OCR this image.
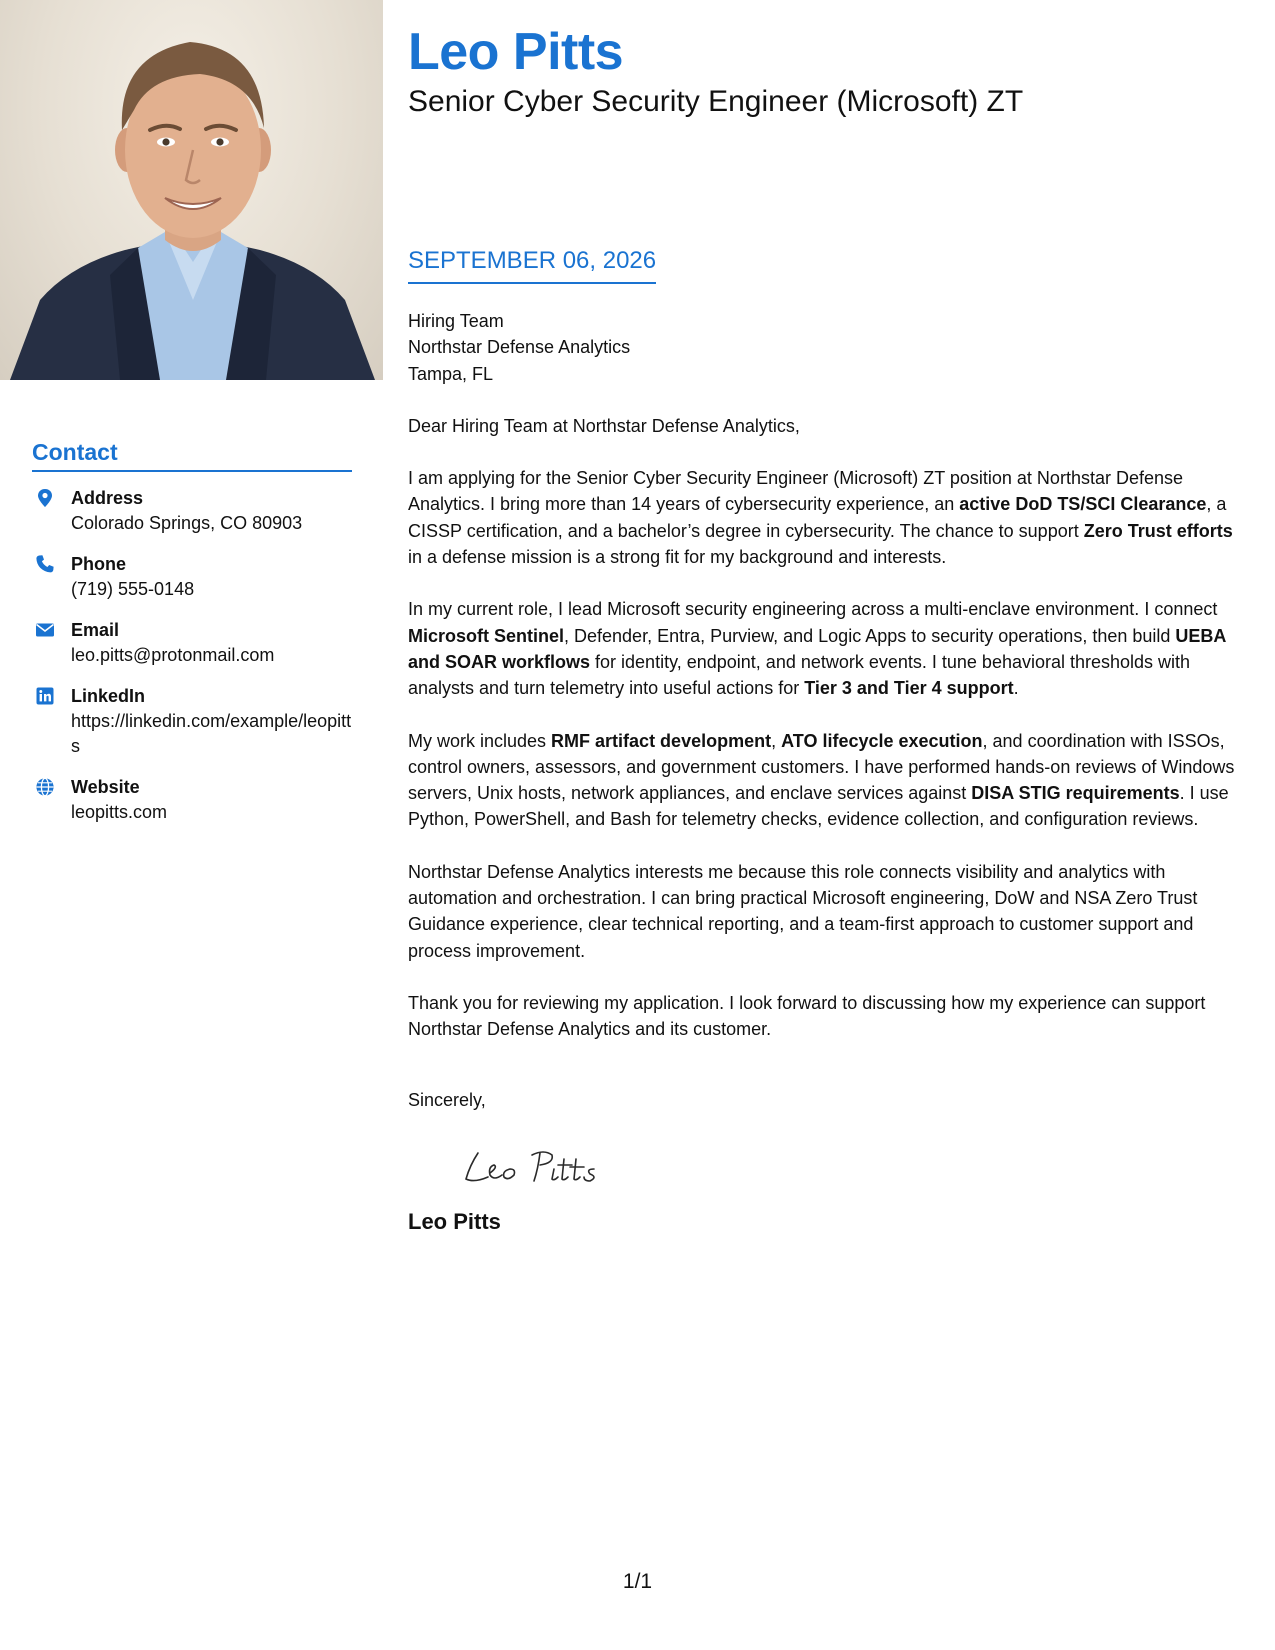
Contact
Address
Colorado Springs, CO 80903
Phone
(719) 555-0148
Email
leo.pitts@protonmail.com
LinkedIn
https://linkedin.com/example/leopitts
Website
leopitts.com
Leo Pitts
Senior Cyber Security Engineer (Microsoft) ZT
SEPTEMBER 06, 2026

Hiring Team
Northstar Defense Analytics
Tampa, FL

Dear Hiring Team at Northstar Defense Analytics,

I am applying for the Senior Cyber Security Engineer (Microsoft) ZT position at Northstar Defense Analytics. I bring more than 14 years of cybersecurity experience, an active DoD TS/SCI Clearance, a CISSP certification, and a bachelor’s degree in cybersecurity. The chance to support Zero Trust efforts in a defense mission is a strong fit for my background and interests.

In my current role, I lead Microsoft security engineering across a multi-enclave environment. I connect Microsoft Sentinel, Defender, Entra, Purview, and Logic Apps to security operations, then build UEBA and SOAR workflows for identity, endpoint, and network events. I tune behavioral thresholds with analysts and turn telemetry into useful actions for Tier 3 and Tier 4 support.

My work includes RMF artifact development, ATO lifecycle execution, and coordination with ISSOs, control owners, assessors, and government customers. I have performed hands-on reviews of Windows servers, Unix hosts, network appliances, and enclave services against DISA STIG requirements. I use Python, PowerShell, and Bash for telemetry checks, evidence collection, and configuration reviews.

Northstar Defense Analytics interests me because this role connects visibility and analytics with automation and orchestration. I can bring practical Microsoft engineering, DoW and NSA Zero Trust Guidance experience, clear technical reporting, and a team-first approach to customer support and process improvement.

Thank you for reviewing my application. I look forward to discussing how my experience can support Northstar Defense Analytics and its customer.

Sincerely,

Leo Pitts

1/1
